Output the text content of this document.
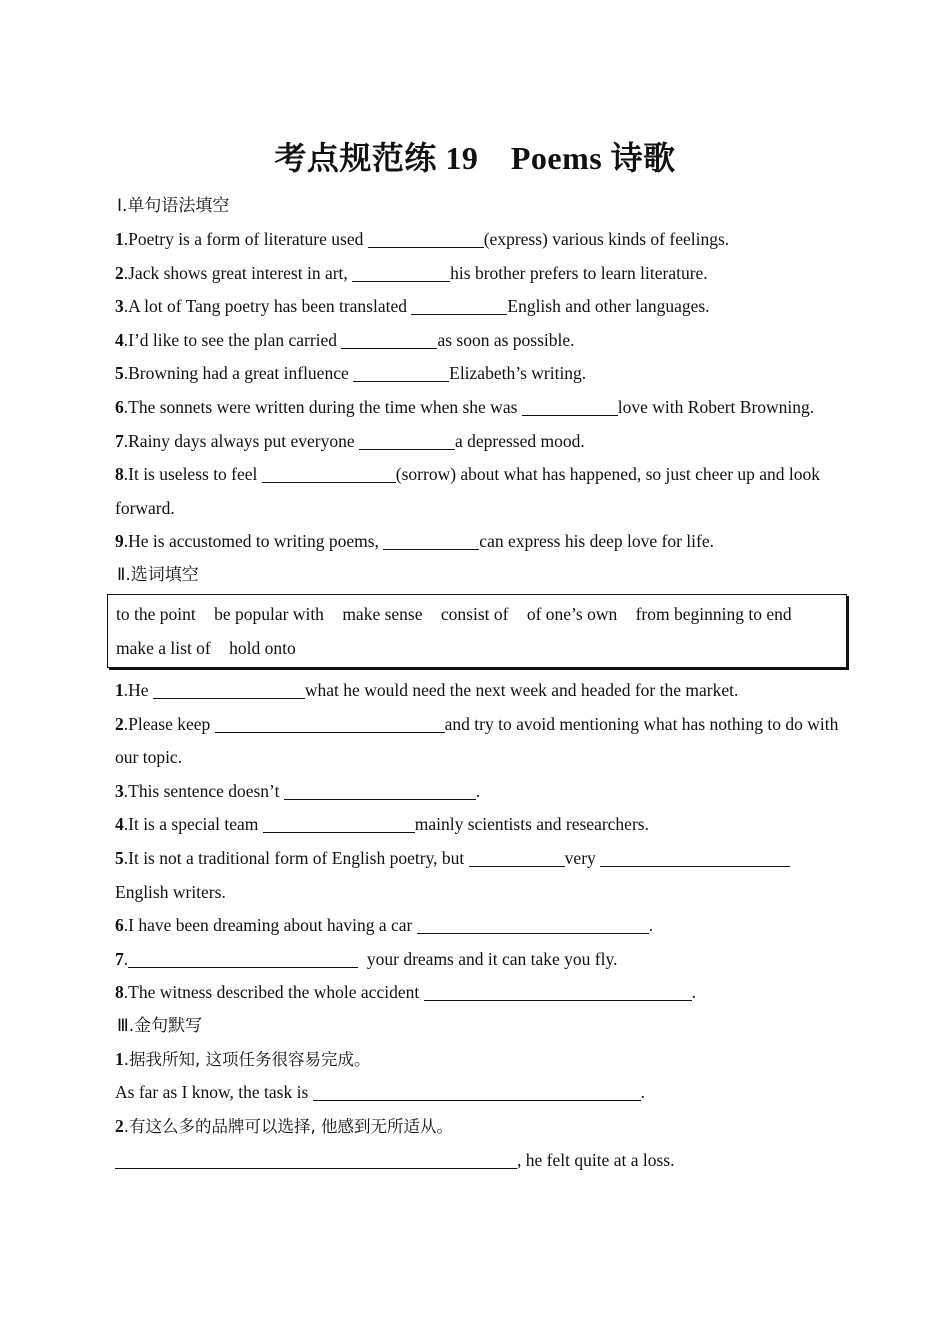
考点规范练 19　Poems 诗歌
Ⅰ.单句语法填空
1.Poetry is a form of literature used	(express) various kinds of feelings.
2.Jack shows great interest in art,	his brother prefers to learn literature.
3.A lot of Tang poetry has been translated	English and other languages.
4.I’d like to see the plan carried	as soon as possible.
5.Browning had a great influence	Elizabeth’s writing.
6.The sonnets were written during the time when she was	love with Robert Browning.
7.Rainy days always put everyone	a depressed mood.
8.It is useless to feel	(sorrow) about what has happened, so just cheer up and look forward.
9.He is accustomed to writing poems,	can express his deep love for life.
Ⅱ.选词填空
to the point be popular with make sense consist of of one’s own from beginning to end make a list of hold onto
1.He	what he would need the next week and headed for the market.
2.Please keep	and try to avoid mentioning what has nothing to do with our topic.
3.This sentence doesn’t	.
4.It is a special team	mainly scientists and researchers.
5.It is not a traditional form of English poetry, but	very  English writers.
6.I have been dreaming about having a car	.
7.	your dreams and it can take you fly.
8.The witness described the whole accident	.
Ⅲ.金句默写
1.据我所知, 这项任务很容易完成。
As far as I know, the task is	.
2.有这么多的品牌可以选择, 他感到无所适从。
, he felt quite at a loss.
